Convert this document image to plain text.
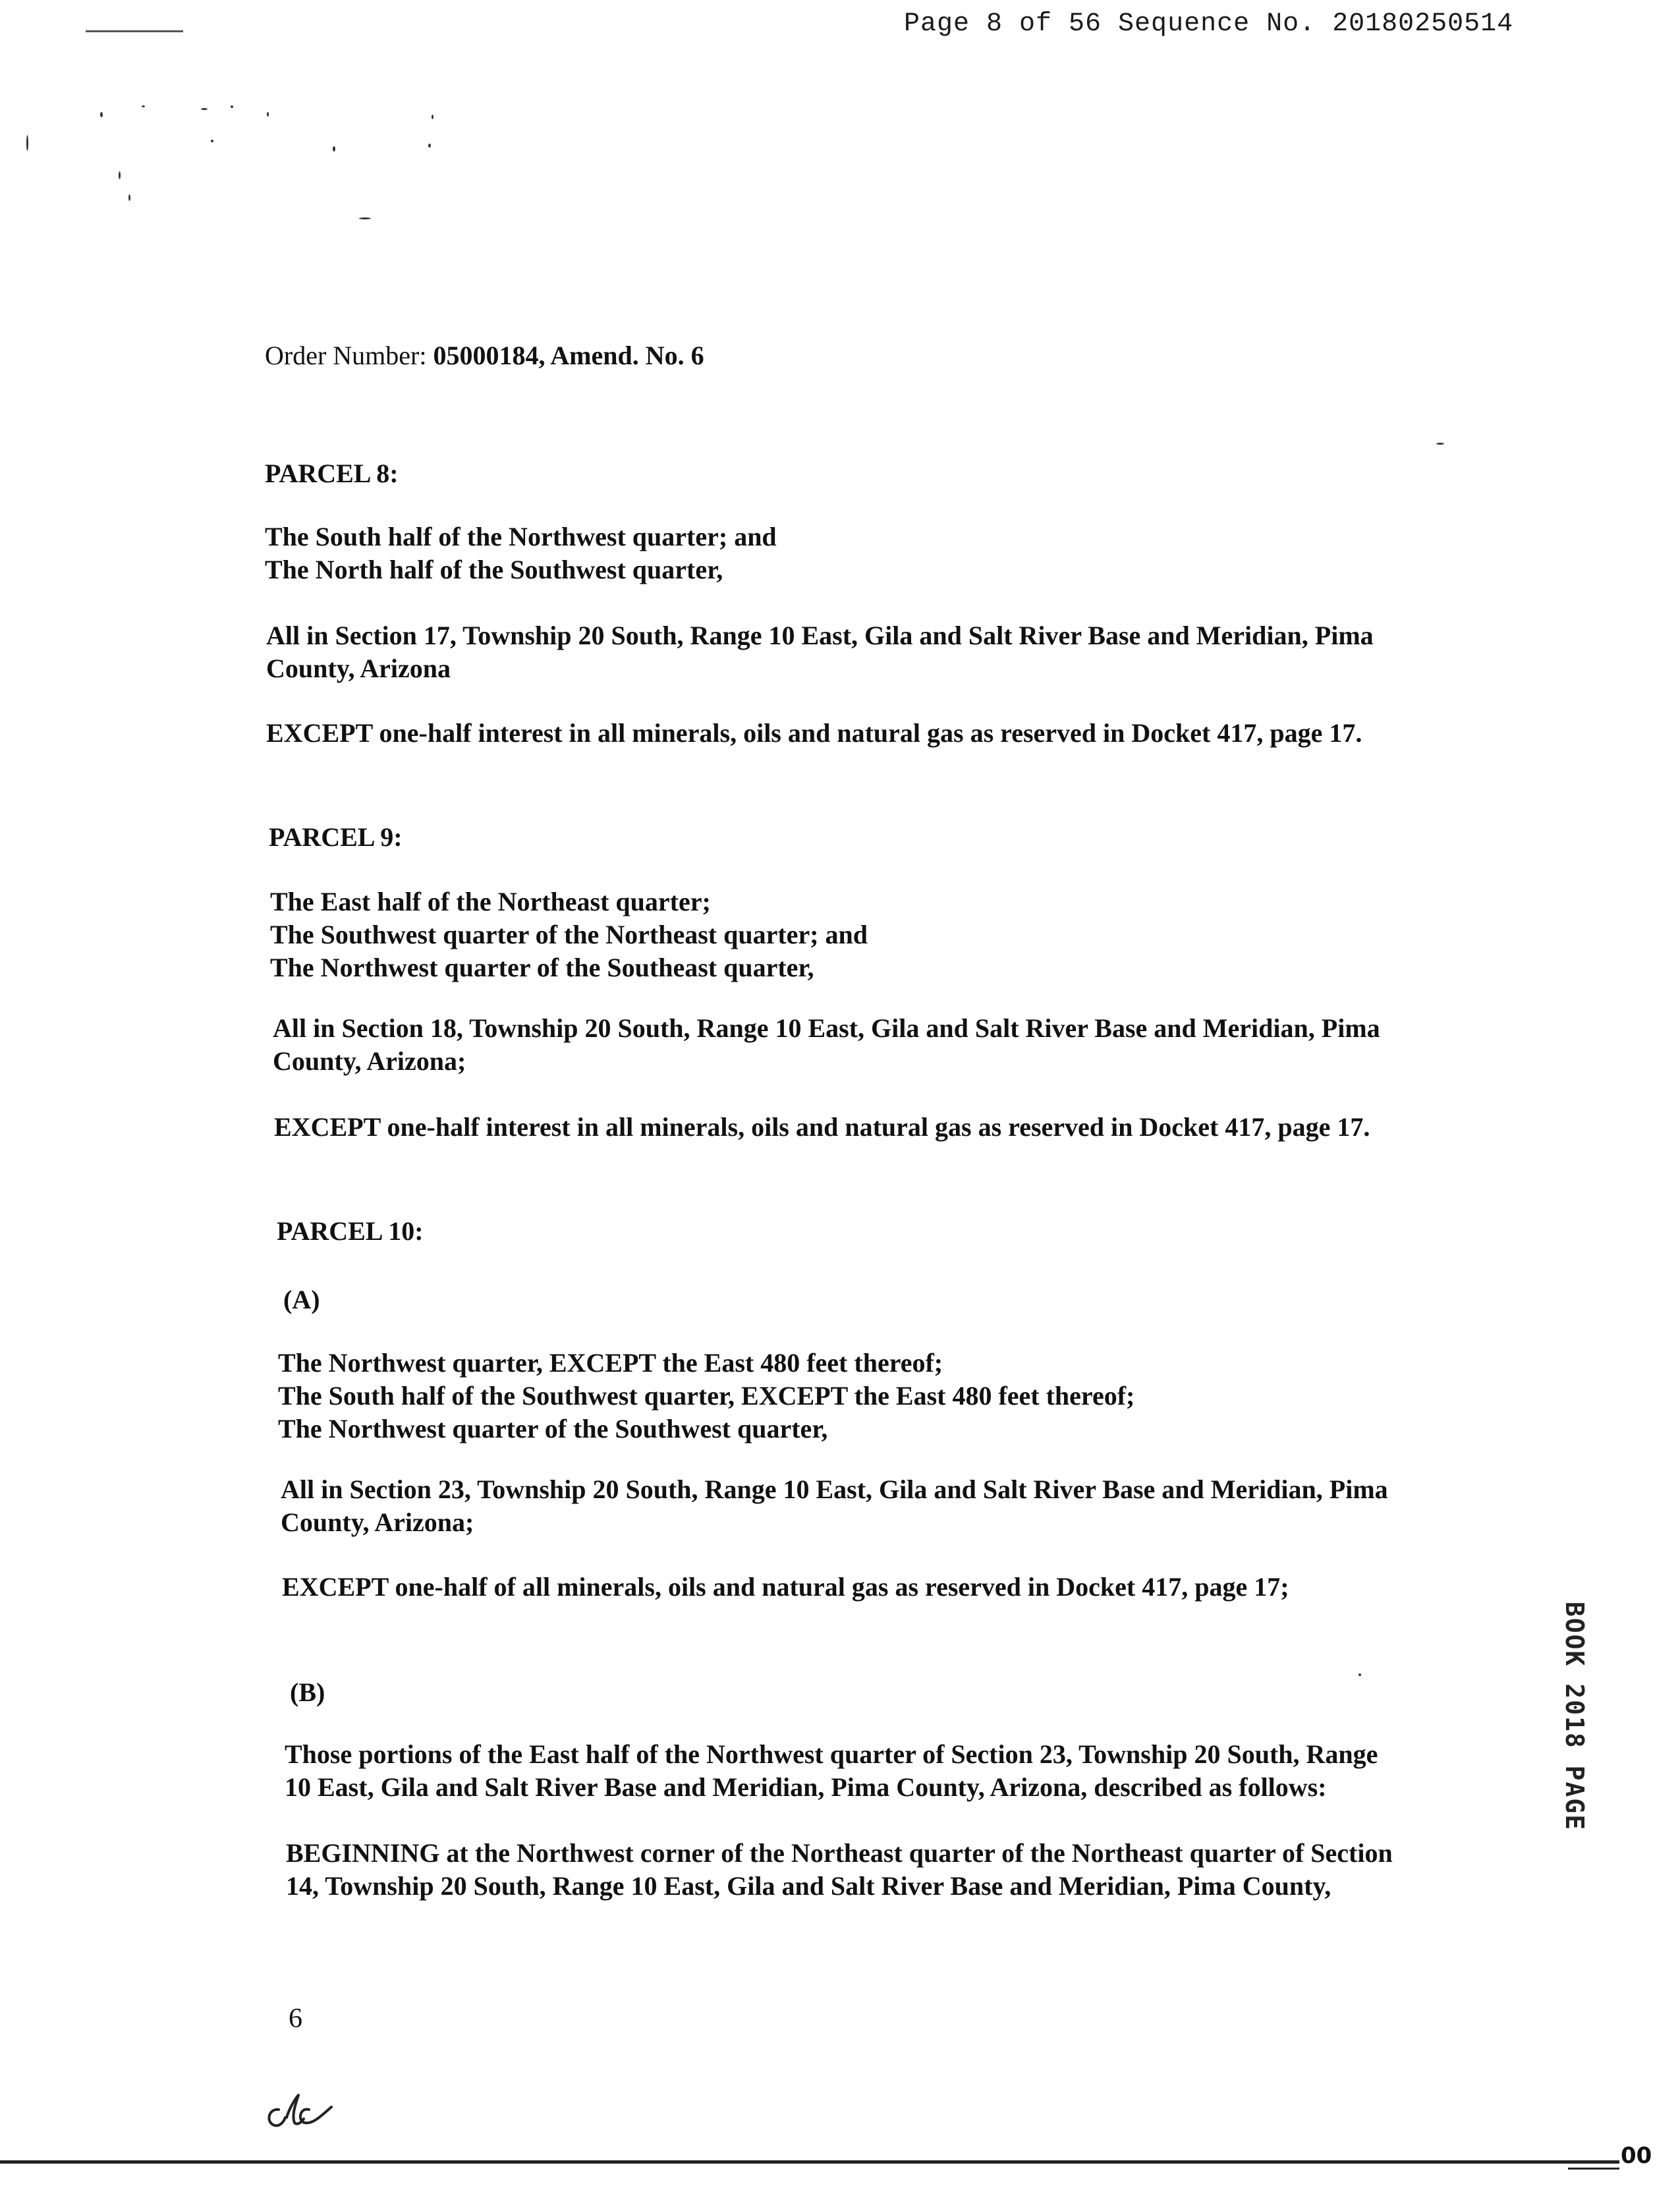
Page 8 of 56 Sequence No. 20180250514
Order Number: 05000184, Amend. No. 6
PARCEL 8:
The South half of the Northwest quarter; and
The North half of the Southwest quarter,
All in Section 17, Township 20 South, Range 10 East, Gila and Salt River Base and Meridian, Pima
County, Arizona
EXCEPT one-half interest in all minerals, oils and natural gas as reserved in Docket 417, page 17.
PARCEL 9:
The East half of the Northeast quarter;
The Southwest quarter of the Northeast quarter; and
The Northwest quarter of the Southeast quarter,
All in Section 18, Township 20 South, Range 10 East, Gila and Salt River Base and Meridian, Pima
County, Arizona;
EXCEPT one-half interest in all minerals, oils and natural gas as reserved in Docket 417, page 17.
PARCEL 10:
(A)
The Northwest quarter, EXCEPT the East 480 feet thereof;
The South half of the Southwest quarter, EXCEPT the East 480 feet thereof;
The Northwest quarter of the Southwest quarter,
All in Section 23, Township 20 South, Range 10 East, Gila and Salt River Base and Meridian, Pima
County, Arizona;
EXCEPT one-half of all minerals, oils and natural gas as reserved in Docket 417, page 17;
(B)
Those portions of the East half of the Northwest quarter of Section 23, Township 20 South, Range
10 East, Gila and Salt River Base and Meridian, Pima County, Arizona, described as follows:
BEGINNING at the Northwest corner of the Northeast quarter of the Northeast quarter of Section
14, Township 20 South, Range 10 East, Gila and Salt River Base and Meridian, Pima County,
6
BOOK 2018 PAGE
00
